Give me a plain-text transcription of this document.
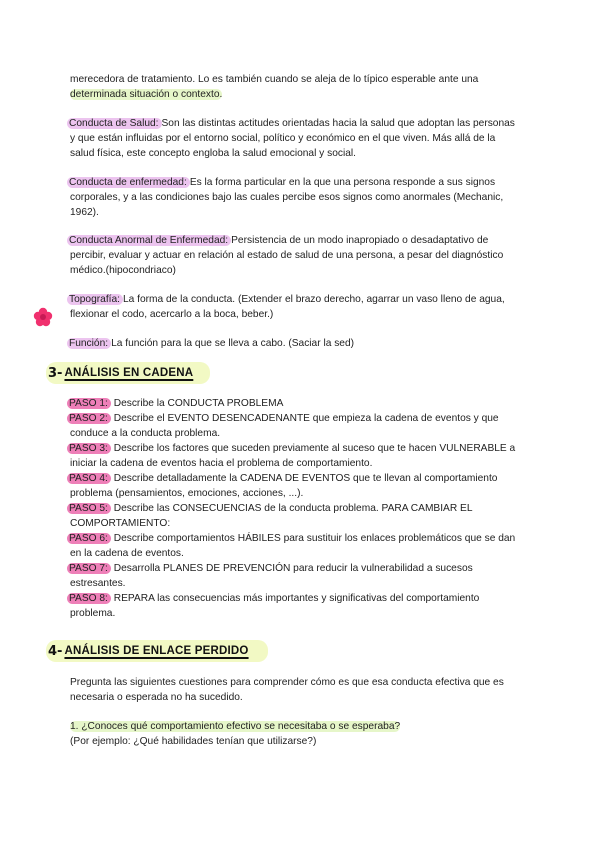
merecedora de tratamiento. Lo es también cuando se aleja de lo típico esperable ante una
determinada situación o contexto.
Conducta de Salud: Son las distintas actitudes orientadas hacia la salud que adoptan las personas y que están influidas por el entorno social, político y económico en el que viven. Más allá de la salud física, este concepto engloba la salud emocional y social.
Conducta de enfermedad: Es la forma particular en la que una persona responde a sus signos corporales, y a las condiciones bajo las cuales percibe esos signos como anormales (Mechanic, 1962).
Conducta Anormal de Enfermedad: Persistencia de un modo inapropiado o desadaptativo de percibir, evaluar y actuar en relación al estado de salud de una persona, a pesar del diagnóstico médico.(hipocondriaco)
Topografía: La forma de la conducta. (Extender el brazo derecho, agarrar un vaso lleno de agua, flexionar el codo, acercarlo a la boca, beber.)
Función: La función para la que se lleva a cabo. (Saciar la sed)
3- ANÁLISIS EN CADENA
PASO 1: Describe la CONDUCTA PROBLEMA
PASO 2: Describe el EVENTO DESENCADENANTE que empieza la cadena de eventos y que conduce a la conducta problema.
PASO 3: Describe los factores que suceden previamente al suceso que te hacen VULNERABLE a iniciar la cadena de eventos hacia el problema de comportamiento.
PASO 4: Describe detalladamente la CADENA DE EVENTOS que te llevan al comportamiento problema (pensamientos, emociones, acciones, ...).
PASO 5: Describe las CONSECUENCIAS de la conducta problema. PARA CAMBIAR EL COMPORTAMIENTO:
PASO 6: Describe comportamientos HÁBILES para sustituir los enlaces problemáticos que se dan en la cadena de eventos.
PASO 7: Desarrolla PLANES DE PREVENCIÓN para reducir la vulnerabilidad a sucesos estresantes.
PASO 8: REPARA las consecuencias más importantes y significativas del comportamiento problema.
4- ANÁLISIS DE ENLACE PERDIDO
Pregunta las siguientes cuestiones para comprender cómo es que esa conducta efectiva que es necesaria o esperada no ha sucedido.
1. ¿Conoces qué comportamiento efectivo se necesitaba o se esperaba?
(Por ejemplo: ¿Qué habilidades tenían que utilizarse?)
